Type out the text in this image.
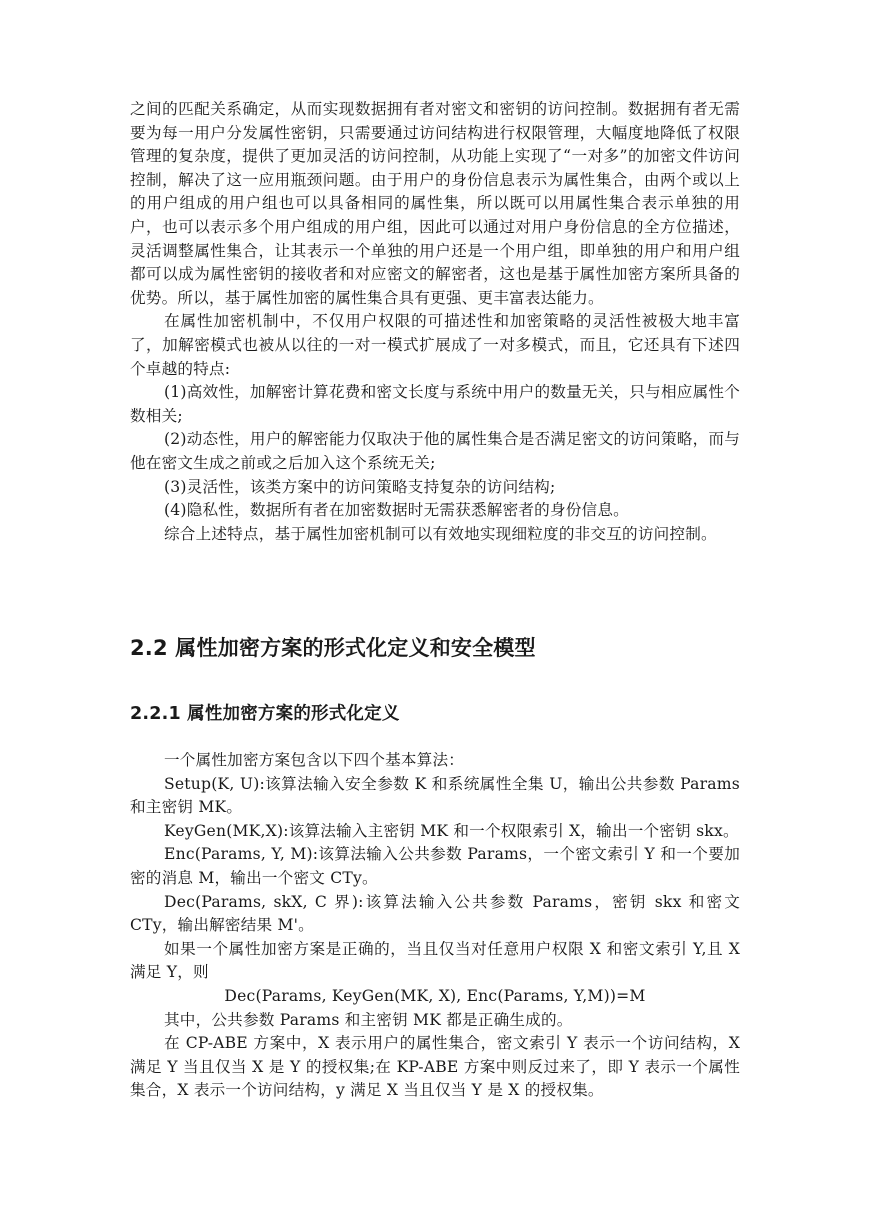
之间的匹配关系确定，从而实现数据拥有者对密文和密钥的访问控制。数据拥有者无需要为每一用户分发属性密钥，只需要通过访问结构进行权限管理，大幅度地降低了权限管理的复杂度，提供了更加灵活的访问控制，从功能上实现了“一对多”的加密文件访问控制，解决了这一应用瓶颈问题。由于用户的身份信息表示为属性集合，由两个或以上的用户组成的用户组也可以具备相同的属性集，所以既可以用属性集合表示单独的用户，也可以表示多个用户组成的用户组，因此可以通过对用户身份信息的全方位描述，灵活调整属性集合，让其表示一个单独的用户还是一个用户组，即单独的用户和用户组都可以成为属性密钥的接收者和对应密文的解密者，这也是基于属性加密方案所具备的优势。所以，基于属性加密的属性集合具有更强、更丰富表达能力。

在属性加密机制中，不仅用户权限的可描述性和加密策略的灵活性被极大地丰富了，加解密模式也被从以往的一对一模式扩展成了一对多模式，而且，它还具有下述四个卓越的特点:

(1)高效性，加解密计算花费和密文长度与系统中用户的数量无关，只与相应属性个数相关;

(2)动态性，用户的解密能力仅取决于他的属性集合是否满足密文的访问策略，而与他在密文生成之前或之后加入这个系统无关;

(3)灵活性，该类方案中的访问策略支持复杂的访问结构;

(4)隐私性，数据所有者在加密数据时无需获悉解密者的身份信息。

综合上述特点，基于属性加密机制可以有效地实现细粒度的非交互的访问控制。

2.2 属性加密方案的形式化定义和安全模型
2.2.1 属性加密方案的形式化定义

一个属性加密方案包含以下四个基本算法：

Setup(K, U):该算法输入安全参数 K 和系统属性全集 U，输出公共参数 Params 和主密钥 MK。

KeyGen(MK,X):该算法输入主密钥 MK 和一个权限索引 X，输出一个密钥 skx。

Enc(Params, Y, M):该算法输入公共参数 Params，一个密文索引 Y 和一个要加密的消息 M，输出一个密文 CTy。

Dec(Params, skX, C 界):该算法输入公共参数 Params，密钥 skx 和密文 CTy，输出解密结果 M'。

如果一个属性加密方案是正确的，当且仅当对任意用户权限 X 和密文索引 Y,且 X 满足 Y，则

Dec(Params, KeyGen(MK, X), Enc(Params, Y,M))=M

其中，公共参数 Params 和主密钥 MK 都是正确生成的。

在 CP-ABE 方案中，X 表示用户的属性集合，密文索引 Y 表示一个访问结构，X 满足 Y 当且仅当 X 是 Y 的授权集;在 KP-ABE 方案中则反过来了，即 Y 表示一个属性集合，X 表示一个访问结构，y 满足 X 当且仅当 Y 是 X 的授权集。
